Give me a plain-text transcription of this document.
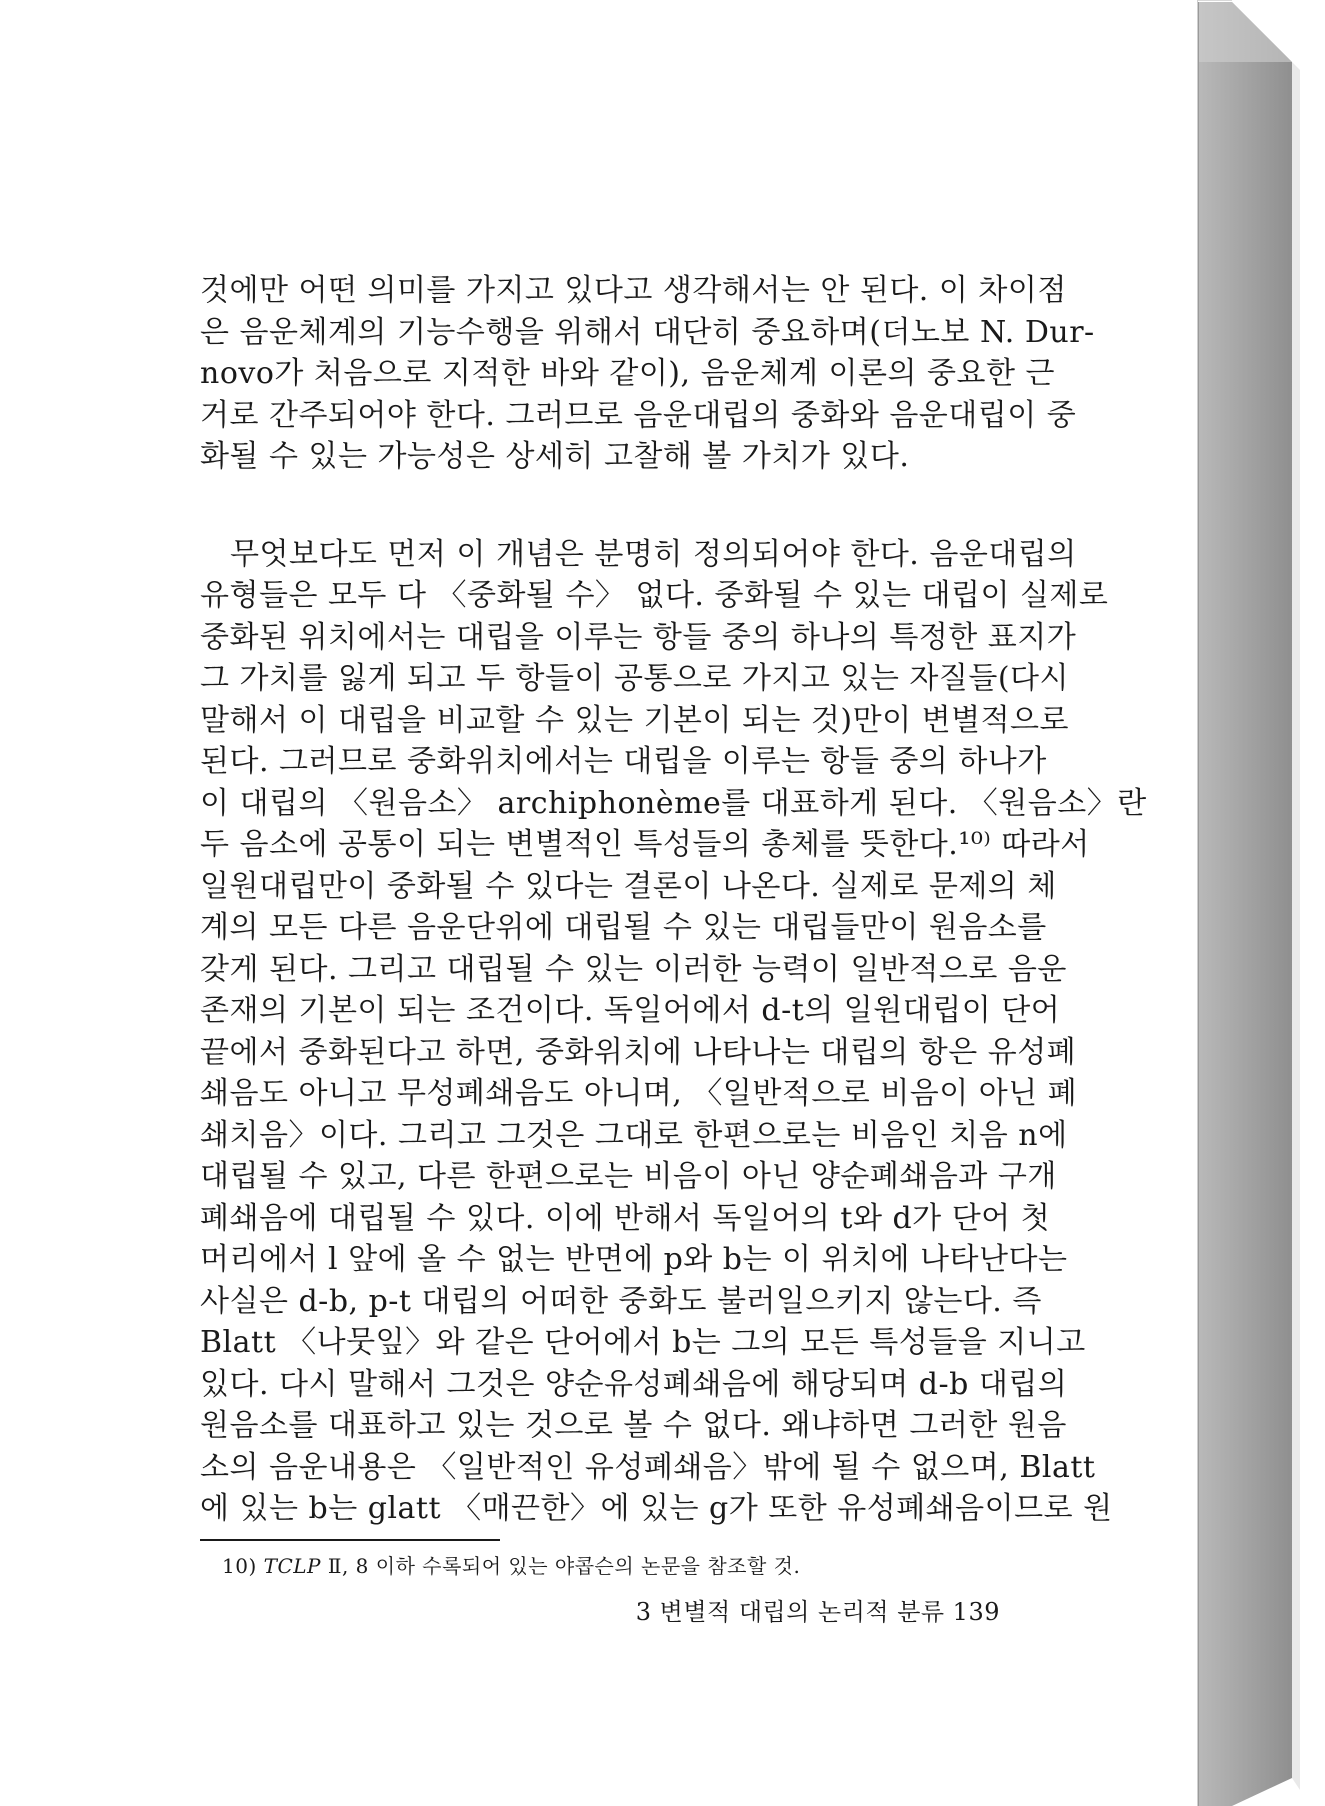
것에만 어떤 의미를 가지고 있다고 생각해서는 안 된다. 이 차이점
은 음운체계의 기능수행을 위해서 대단히 중요하며(더노보 N. Dur-
novo가 처음으로 지적한 바와 같이), 음운체계 이론의 중요한 근
거로 간주되어야 한다. 그러므로 음운대립의 중화와 음운대립이 중
화될 수 있는 가능성은 상세히 고찰해 볼 가치가 있다.

무엇보다도 먼저 이 개념은 분명히 정의되어야 한다. 음운대립의
유형들은 모두 다 〈중화될 수〉 없다. 중화될 수 있는 대립이 실제로
중화된 위치에서는 대립을 이루는 항들 중의 하나의 특정한 표지가
그 가치를 잃게 되고 두 항들이 공통으로 가지고 있는 자질들(다시
말해서 이 대립을 비교할 수 있는 기본이 되는 것)만이 변별적으로
된다. 그러므로 중화위치에서는 대립을 이루는 항들 중의 하나가
이 대립의 〈원음소〉 archiphonème를 대표하게 된다. 〈원음소〉란
두 음소에 공통이 되는 변별적인 특성들의 총체를 뜻한다.¹⁰⁾ 따라서
일원대립만이 중화될 수 있다는 결론이 나온다. 실제로 문제의 체
계의 모든 다른 음운단위에 대립될 수 있는 대립들만이 원음소를
갖게 된다. 그리고 대립될 수 있는 이러한 능력이 일반적으로 음운
존재의 기본이 되는 조건이다. 독일어에서 d-t의 일원대립이 단어
끝에서 중화된다고 하면, 중화위치에 나타나는 대립의 항은 유성폐
쇄음도 아니고 무성폐쇄음도 아니며, 〈일반적으로 비음이 아닌 폐
쇄치음〉이다. 그리고 그것은 그대로 한편으로는 비음인 치음 n에
대립될 수 있고, 다른 한편으로는 비음이 아닌 양순폐쇄음과 구개
폐쇄음에 대립될 수 있다. 이에 반해서 독일어의 t와 d가 단어 첫
머리에서 l 앞에 올 수 없는 반면에 p와 b는 이 위치에 나타난다는
사실은 d-b, p-t 대립의 어떠한 중화도 불러일으키지 않는다. 즉
Blatt 〈나뭇잎〉와 같은 단어에서 b는 그의 모든 특성들을 지니고
있다. 다시 말해서 그것은 양순유성폐쇄음에 해당되며 d-b 대립의
원음소를 대표하고 있는 것으로 볼 수 없다. 왜냐하면 그러한 원음
소의 음운내용은 〈일반적인 유성폐쇄음〉밖에 될 수 없으며, Blatt
에 있는 b는 glatt 〈매끈한〉에 있는 g가 또한 유성폐쇄음이므로 원

10) TCLP Ⅱ, 8 이하 수록되어 있는 야콥슨의 논문을 참조할 것.
3 변별적 대립의 논리적 분류 139
